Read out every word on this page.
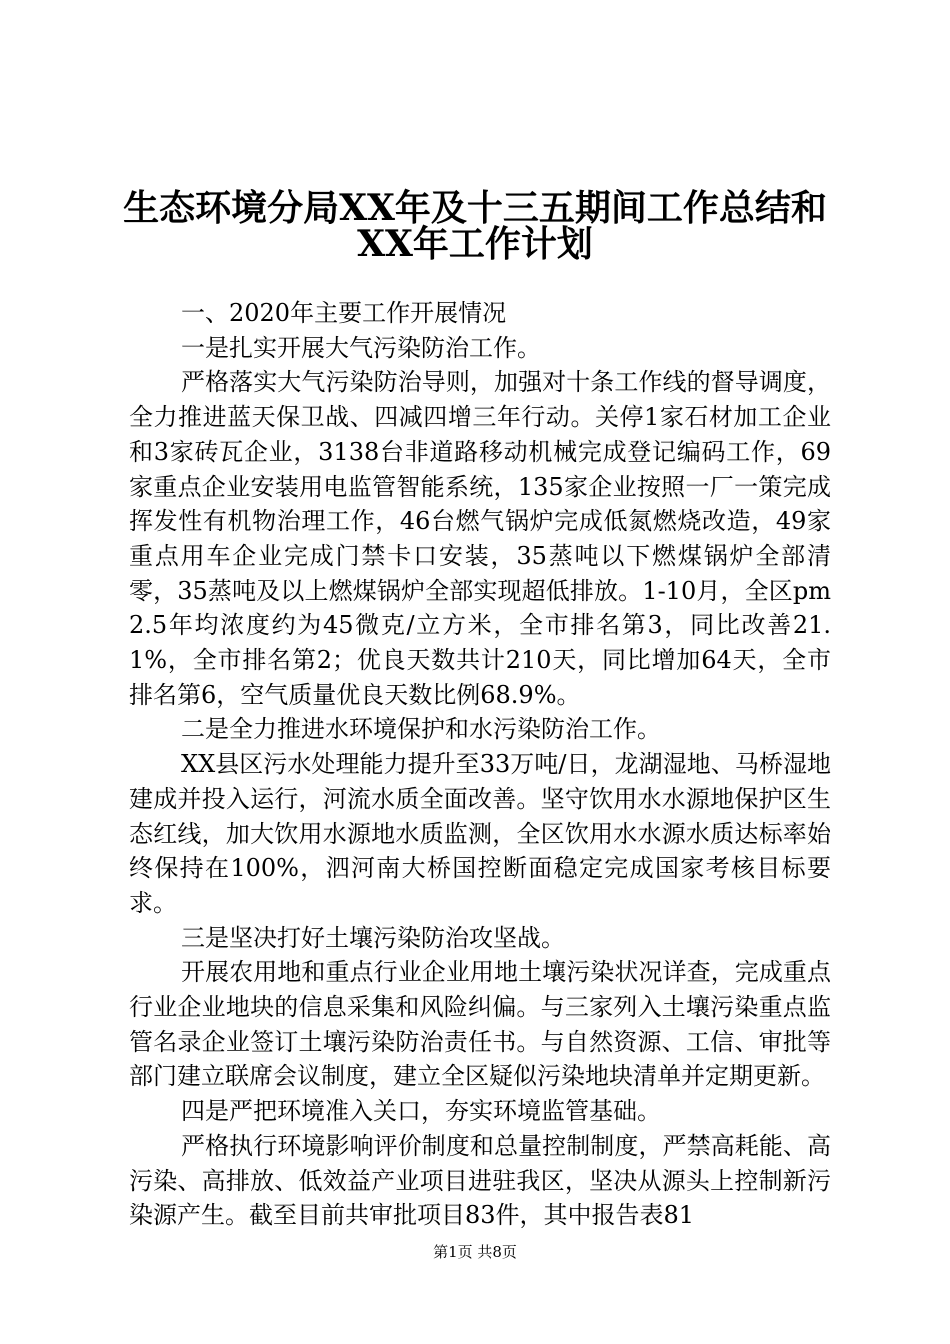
生态环境分局XX年及十三五期间工作总结和
XX年工作计划

一、2020年主要工作开展情况

一是扎实开展大气污染防治工作。

严格落实大气污染防治导则，加强对十条工作线的督导调度，全力推进蓝天保卫战、四减四增三年行动。关停1家石材加工企业和3家砖瓦企业，3138台非道路移动机械完成登记编码工作，69家重点企业安装用电监管智能系统，135家企业按照一厂一策完成挥发性有机物治理工作，46台燃气锅炉完成低氮燃烧改造，49家重点用车企业完成门禁卡口安装，35蒸吨以下燃煤锅炉全部清零，35蒸吨及以上燃煤锅炉全部实现超低排放。1-10月，全区pm2.5年均浓度约为45微克/立方米，全市排名第3，同比改善21.1%，全市排名第2；优良天数共计210天，同比增加64天，全市排名第6，空气质量优良天数比例68.9%。

二是全力推进水环境保护和水污染防治工作。

XX县区污水处理能力提升至33万吨/日，龙湖湿地、马桥湿地建成并投入运行，河流水质全面改善。坚守饮用水水源地保护区生态红线，加大饮用水源地水质监测，全区饮用水水源水质达标率始终保持在100%，泗河南大桥国控断面稳定完成国家考核目标要求。

三是坚决打好土壤污染防治攻坚战。

开展农用地和重点行业企业用地土壤污染状况详查，完成重点行业企业地块的信息采集和风险纠偏。与三家列入土壤污染重点监管名录企业签订土壤污染防治责任书。与自然资源、工信、审批等部门建立联席会议制度，建立全区疑似污染地块清单并定期更新。

四是严把环境准入关口，夯实环境监管基础。

严格执行环境影响评价制度和总量控制制度，严禁高耗能、高污染、高排放、低效益产业项目进驻我区，坚决从源头上控制新污染源产生。截至目前共审批项目83件，其中报告表81

第1页 共8页
